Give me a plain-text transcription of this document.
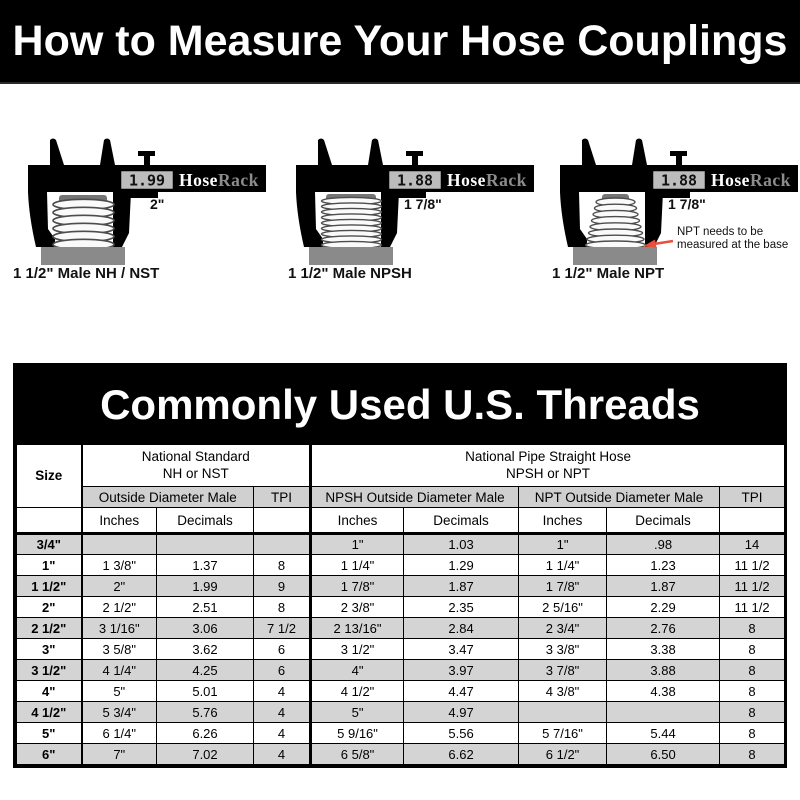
How to Measure Your Hose Couplings
1.99 HoseRack
2"
1 1/2" Male NH / NST
1.88 HoseRack
1 7/8"
1 1/2" Male NPSH
1.88 HoseRack
1 7/8"
NPT needs to be
measured at the base
1 1/2" Male NPT
Commonly Used U.S. Threads
Size	
National Standard
NH or NST

National Pipe Straight Hose
NPSH or NPT

	Outside Diameter Male		TPI	NPSH Outside Diameter Male		NPT Outside Diameter Male		TPI
	Inches	Decimals		Inches	Decimals	Inches	Decimals	
3/4"				1"	1.03	1"	.98	14
1"	1 3/8"	1.37	8	1 1/4"	1.29	1 1/4"	1.23	11 1/2
1 1/2"	2"	1.99	9	1 7/8"	1.87	1 7/8"	1.87	11 1/2
2"	2 1/2"	2.51	8	2 3/8"	2.35	2 5/16"	2.29	11 1/2
2 1/2"	3 1/16"	3.06	7 1/2	2 13/16"	2.84	2 3/4"	2.76	8
3"	3 5/8"	3.62	6	3 1/2"	3.47	3 3/8"	3.38	8
3 1/2"	4 1/4"	4.25	6	4"	3.97	3 7/8"	3.88	8
4"	5"	5.01	4	4 1/2"	4.47	4 3/8"	4.38	8
4 1/2"	5 3/4"	5.76	4	5"	4.97			8
5"	6 1/4"	6.26	4	5 9/16"	5.56	5 7/16"	5.44	8
6"	7"	7.02	4	6 5/8"	6.62	6 1/2"	6.50	8
